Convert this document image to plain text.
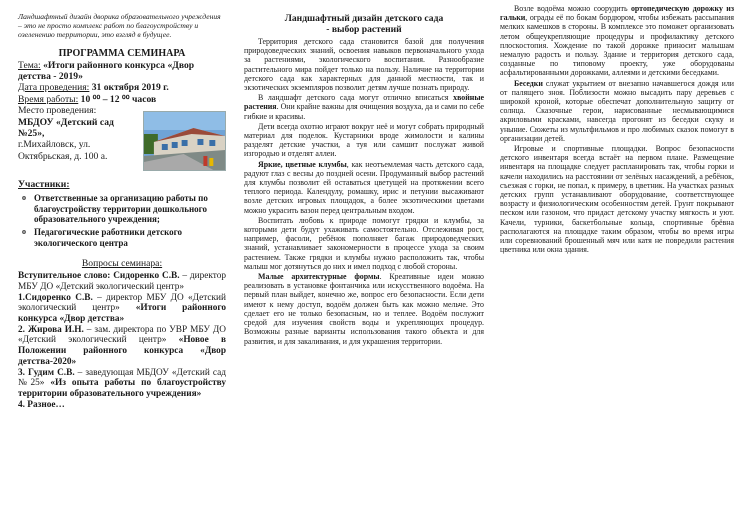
Ландшафтный дизайн дворика образовательного учреждения – это не просто комплекс работ по благоустройству и озеленению территории, это взгляд в будущее.

ПРОГРАММА СЕМИНАРА
Тема: «Итоги районного конкурса «Двор детства - 2019»
Дата проведения: 31 октября 2019 г.
Время работы: 10 ⁰⁰ – 12 ⁰⁰ часов
Место проведения:
МБДОУ «Детский сад №25»,
г.Михайловск, ул. Октябрьская, д. 100 а.
Участники:
o Ответственные за организацию работы по благоустройству территории дошкольного образовательного учреждения;
o Педагогические работники детского экологического центра
Вопросы семинара:

Вступительное слово: Сидоренко С.В. – директор МБУ ДО «Детский экологический центр»

1.Сидоренко С.В. – директор МБУ ДО «Детский экологический центр» «Итоги районного конкурса «Двор детства»

2. Жирова И.Н. – зам. директора по УВР МБУ ДО «Детский экологический центр» «Новое в Положении районного конкурса «Двор детства-2020»

3. Гудим С.В. – заведующая МБДОУ «Детский сад №25» «Из опыта работы по благоустройству территории образовательного учреждения»

4. Разное…

Ландшафтный дизайн детского сада
- выбор растений

Территория детского сада становится базой для получения природоведческих знаний, освоения навыков первоначального ухода за растениями, экологического воспитания. Разнообразие растительного мира пойдет только на пользу. Наличие на территории детского сада как характерных для данной местности, так и экзотических экземпляров позволит детям лучше познать природу.

В ландшафт детского сада могут отлично вписаться хвойные растения. Они крайне важны для очищения воздуха, да и сами по себе гибкие и красивы.

Дети всегда охотно играют вокруг неё и могут собрать природный материал для поделок. Кустарники вроде жимолости и калины разделят детские участки, а туя или самшит послужат живой изгородью и отделят аллеи.

Яркие, цветные клумбы, как неотъемлемая часть детского сада, радуют глаз с весны до поздней осени. Продуманный выбор растений для клумбы позволит ей оставаться цветущей на протяжении всего теплого периода. Календулу, ромашку, ирис и петунии высаживают возле детских игровых площадок, а более экзотическими цветами можно украсить вазон перед центральным входом.

Воспитать любовь к природе помогут грядки и клумбы, за которыми дети будут ухаживать самостоятельно. Отслеживая рост, например, фасоли, ребёнок пополняет багаж природоведческих знаний, устанавливает закономерности в процессе ухода за своим растением. Также грядки и клумбы нужно расположить так, чтобы малыш мог дотянуться до них и имел подход с любой стороны.

Малые архитектурные формы. Креативные идеи можно реализовать в установке фонтанчика или искусственного водоёма. На первый план выйдет, конечно же, вопрос его безопасности. Если дети имеют к нему доступ, водоём должен быть как можно мельче. Это сделает его не только безопасным, но и теплее. Водоём послужит средой для изучения свойств воды и укрепляющих процедур. Возможны разные варианты использования такого объекта и для развития, и для закаливания, и для украшения территории.

Возле водоёма можно соорудить ортопедическую дорожку из гальки, ограды её по бокам бордюром, чтобы избежать рассыпания мелких камешков в стороны. В комплексе это поможет организовать летом общеукрепляющие процедуры и профилактику детского плоскостопия. Хождение по такой дорожке приносит малышам немалую радость и пользу. Здание и территория детского сада, созданные по типовому проекту, уже оборудованы асфальтированными дорожками, аллеями и детскими беседками.

Беседки служат укрытием от внезапно начавшегося дождя или от палящего зноя. Поблизости можно высадить пару деревьев с широкой кроной, которые обеспечат дополнительную защиту от солнца. Сказочные герои, нарисованные несмывающимися акриловыми красками, навсегда прогонят из беседки скуку и уныние. Сюжеты из мультфильмов и про любимых сказок помогут в организации детей.

Игровые и спортивные площадки. Вопрос безопасности детского инвентаря всегда встаёт на первом плане. Размещение инвентаря на площадке следует распланировать так, чтобы горки и качели находились на расстоянии от зелёных насаждений, а ребёнок, съезжая с горки, не попал, к примеру, в цветник. На участках разных детских групп устанавливают оборудование, соответствующее возрасту и физиологическим особенностям детей. Грунт покрывают песком или газоном, что придаст детскому участку мягкость и уют. Качели, турники, баскетбольные кольца, спортивные брёвна располагаются на площадке таким образом, чтобы во время игры или соревнований брошенный мяч или катя не повредили растения цветника или окна здания.
